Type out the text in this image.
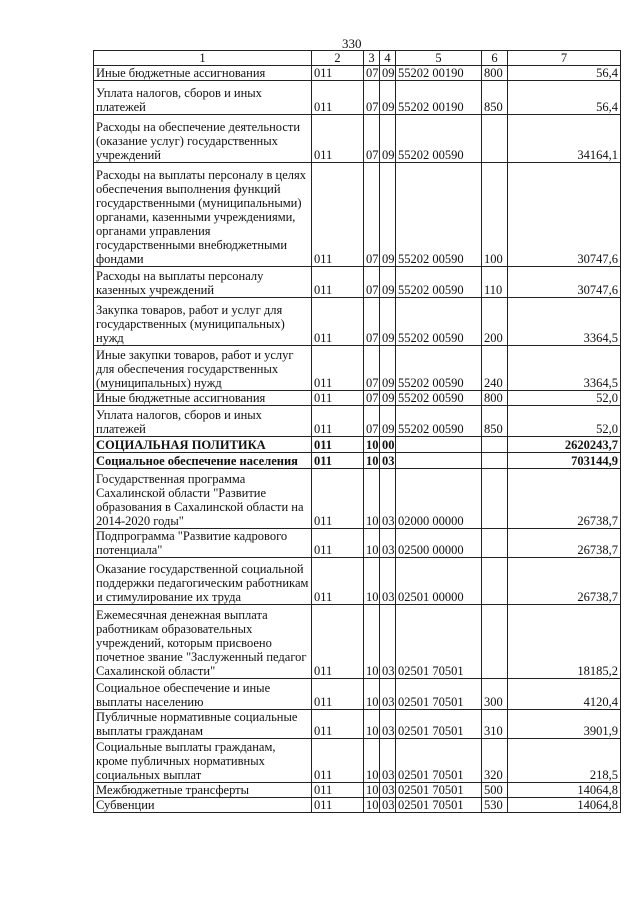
330
1	2	3	4	5	6	7
Иные бюджетные ассигнования	011	07	09	55202 00190	800	56,4
Уплата налогов, сборов и иных платежей	011	07	09	55202 00190	850	56,4
Расходы на обеспечение деятельности (оказание услуг) государственных учреждений	011	07	09	55202 00590		34164,1
Расходы на выплаты персоналу в целях обеспечения выполнения функций государственными (муниципальными) органами, казенными учреждениями, органами управления государственными внебюджетными фондами	011	07	09	55202 00590	100	30747,6
Расходы на выплаты персоналу казенных учреждений	011	07	09	55202 00590	110	30747,6
Закупка товаров, работ и услуг для государственных (муниципальных) нужд	011	07	09	55202 00590	200	3364,5
Иные закупки товаров, работ и услуг для обеспечения государственных (муниципальных) нужд	011	07	09	55202 00590	240	3364,5
Иные бюджетные ассигнования	011	07	09	55202 00590	800	52,0
Уплата налогов, сборов и иных платежей	011	07	09	55202 00590	850	52,0
СОЦИАЛЬНАЯ ПОЛИТИКА	011	10	00			2620243,7
Социальное обеспечение населения	011	10	03			703144,9
Государственная программа Сахалинской области "Развитие образования в Сахалинской области на 2014-2020 годы"	011	10	03	02000 00000		26738,7
Подпрограмма "Развитие кадрового потенциала"	011	10	03	02500 00000		26738,7
Оказание государственной социальной поддержки педагогическим работникам и стимулирование их труда	011	10	03	02501 00000		26738,7
Ежемесячная денежная выплата работникам образовательных учреждений, которым присвоено почетное звание "Заслуженный педагог Сахалинской области"	011	10	03	02501 70501		18185,2
Социальное обеспечение и иные выплаты населению	011	10	03	02501 70501	300	4120,4
Публичные нормативные социальные выплаты гражданам	011	10	03	02501 70501	310	3901,9
Социальные выплаты гражданам, кроме публичных нормативных социальных выплат	011	10	03	02501 70501	320	218,5
Межбюджетные трансферты	011	10	03	02501 70501	500	14064,8
Субвенции	011	10	03	02501 70501	530	14064,8
